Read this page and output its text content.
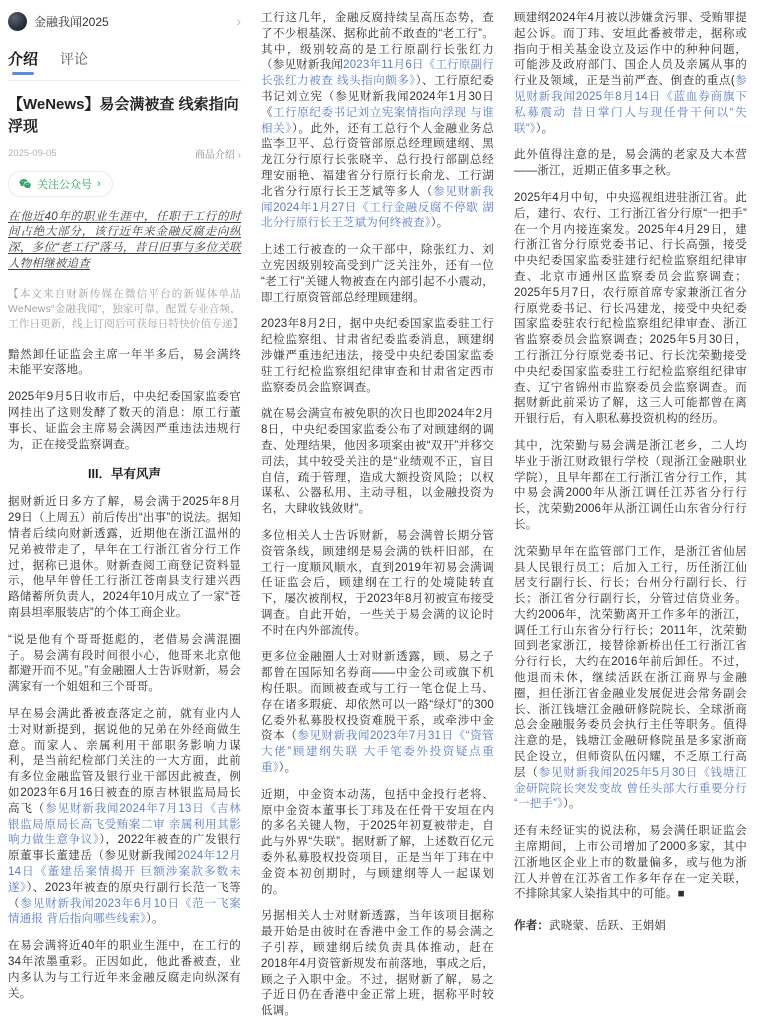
金融我闻2025	›
介绍 评论
【WeNews】易会满被查 线索指向浮现
2025-09-05	商品介绍 ›
关注公众号 ›

在他近40年的职业生涯中，任职于工行的时间占绝大部分，该行近年来金融反腐走向纵深，多位“老工行”落马，昔日旧事与多位关联人物相继被追查

【本文来自财新传媒在微信平台的新媒体单品 WeNews“金融我闻”，独家可靠，配置专业音频，工作日更新，线上订阅后可获每日特快价值专递】

黯然卸任证监会主席一年半多后，易会满终未能平安落地。

2025年9月5日收市后，中央纪委国家监委官网挂出了这则发酵了数天的消息：原工行董事长、证监会主席易会满因严重违法违规行为，正在接受监察调查。

III．早有风声

据财新近日多方了解，易会满于2025年8月29日（上周五）前后传出“出事”的说法。据知情者后续向财新透露，近期他在浙江温州的兄弟被带走了，早年在工行浙江省分行工作过，据称已退休。财新查阅工商登记资料显示，他早年曾任工行浙江苍南县支行建兴西路储蓄所负责人，2024年10月成立了一家“苍南县坦率服装店”的个体工商企业。

“说是他有个哥哥挺彪的，老借易会满混圈子。易会满有段时间很小心，他哥来北京他都避开而不见。”有金融圈人士告诉财新，易会满家有一个姐姐和三个哥哥。

早在易会满此番被查落定之前，就有业内人士对财新提到，据说他的兄弟在外经商做生意。而家人、亲属利用干部职务影响力谋利，是当前纪检部门关注的一大方面，此前有多位金融监管及银行业干部因此被查，例如2023年6月16日被查的原吉林银监局局长高飞（参见财新我闻2024年7月13日《吉林银监局原局长高飞受贿案二审 亲属利用其影响力做生意争议》），2022年被查的广发银行原董事长董建岳（参见财新我闻2024年12月14日《董建岳案情揭开 巨额涉案款多数未遂》）、2023年被查的原央行副行长范一飞等（参见财新我闻2023年6月10日《范一飞案情通报 背后指向哪些线索》）。

在易会满将近40年的职业生涯中，在工行的34年浓墨重彩。正因如此，他此番被查，业内多认为与工行近年来金融反腐走向纵深有关。

工行这几年，金融反腐持续呈高压态势，查了不少根基深、据称此前不敢查的“老工行”。其中，级别较高的是工行原副行长张红力（参见财新我闻2023年11月6日《工行原副行长张红力被查 线头指向颇多》）、工行原纪委书记刘立宪（参见财新我闻2024年1月30日《工行原纪委书记刘立宪案情指向浮现 与谁相关》）。此外，还有工总行个人金融业务总监李卫平、总行资管部原总经理顾建纲、黑龙江分行原行长张晓辛、总行投行部副总经理安丽艳、福建省分行原行长俞龙、工行湖北省分行原行长王芝斌等多人（参见财新我闻2024年1月27日《工行金融反腐不停歇 湖北分行原行长王芝斌为何终被查》）。

上述工行被查的一众干部中，除张红力、刘立宪因级别较高受到广泛关注外，还有一位“老工行”关键人物被查在内部引起不小震动，即工行原资管部总经理顾建纲。

2023年8月2日，据中央纪委国家监委驻工行纪检监察组、甘肃省纪委监委消息，顾建纲涉嫌严重违纪违法，接受中央纪委国家监委驻工行纪检监察组纪律审查和甘肃省定西市监察委员会监察调查。

就在易会满宣布被免职的次日也即2024年2月8日，中央纪委国家监委公布了对顾建纲的调查、处理结果，他因多项案由被“双开”并移交司法，其中较受关注的是“业绩观不正，盲目自信，疏于管理，造成大额投资风险；以权谋私、公器私用、主动寻租，以金融投资为名，大肆收钱敛财”。

多位相关人士告诉财新，易会满曾长期分管资管条线，顾建纲是易会满的铁杆旧部，在工行一度顺风顺水，直到2019年初易会满调任证监会后，顾建纲在工行的处境陡转直下，屡次被削权，于2023年8月初被宣布接受调查。自此开始，一些关于易会满的议论时不时在内外部流传。

更多位金融圈人士对财新透露，顾、易之子都曾在国际知名券商——中金公司或旗下机构任职。而顾被查或与工行一笔仓促上马、存在诸多瑕疵、却依然可以一路“绿灯”的300亿委外私募股权投资难脱干系，或牵涉中金资本（参见财新我闻2023年7月31日《“资管大佬”顾建纲失联 大手笔委外投资疑点重重》）。

近期，中金资本动荡，包括中金投行老将、原中金资本董事长丁玮及在任骨干安垣在内的多名关键人物，于2025年初夏被带走，自此与外界“失联”。据财新了解，上述数百亿元委外私募股权投资项目，正是当年丁玮在中金资本初创期时，与顾建纲等人一起谋划的。

另据相关人士对财新透露，当年该项目据称最开始是由彼时在香港中金工作的易会满之子引荐，顾建纲后续负责具体推动，赶在2018年4月资管新规发布前落地，事成之后，顾之子入职中金。不过，据财新了解，易之子近日仍在香港中金正常上班，据称平时较低调。

顾建纲2024年4月被以涉嫌贪污罪、受贿罪提起公诉。而丁玮、安垣此番被带走，据称或指向于相关基金设立及运作中的种种问题，可能涉及政府部门、国企人员及亲属从事的行业及领域，正是当前严查、倒查的重点(参见财新我闻2025年8月14日《蓝血券商旗下私募震动 昔日掌门人与现任骨干何以“失联”》）。

此外值得注意的是，易会满的老家及大本营——浙江，近期正值多事之秋。

2025年4月中旬，中央巡视组进驻浙江省。此后，建行、农行、工行浙江省分行原“一把手”在一个月内接连案发。2025年4月29日，建行浙江省分行原党委书记、行长高强，接受中央纪委国家监委驻建行纪检监察组纪律审查、北京市通州区监察委员会监察调查；2025年5月7日，农行原首席专家兼浙江省分行原党委书记、行长冯建龙，接受中央纪委国家监委驻农行纪检监察组纪律审查、浙江省监察委员会监察调查；2025年5月30日，工行浙江分行原党委书记、行长沈荣勤接受中央纪委国家监委驻工行纪检监察组纪律审查、辽宁省锦州市监察委员会监察调查。而据财新此前采访了解，这三人可能都曾在离开银行后，有入职私募投资机构的经历。

其中，沈荣勤与易会满是浙江老乡，二人均毕业于浙江财政银行学校（现浙江金融职业学院），且早年都在工行浙江省分行工作，其中易会满2000年从浙江调任江苏省分行行长，沈荣勤2006年从浙江调任山东省分行行长。

沈荣勤早年在监管部门工作，是浙江省仙居县人民银行员工；后加入工行，历任浙江仙居支行副行长、行长；台州分行副行长、行长；浙江省分行副行长，分管过信贷业务。大约2006年，沈荣勤离开工作多年的浙江，调任工行山东省分行行长；2011年，沈荣勤回到老家浙江，接替徐新桥出任工行浙江省分行行长，大约在2016年前后卸任。不过，他退而未休，继续活跃在浙江商界与金融圈，担任浙江省金融业发展促进会常务副会长、浙江钱塘江金融研修院院长、全球浙商总会金融服务委员会执行主任等职务。值得注意的是，钱塘江金融研修院虽是多家浙商民企设立，但师资队伍闪耀，不乏原工行高层（参见财新我闻2025年5月30日《钱塘江金研院院长突发变故 曾任头部大行重要分行“一把手”》）。

还有未经证实的说法称，易会满任职证监会主席期间，上市公司增加了2000多家，其中江浙地区企业上市的数量偏多，或与他为浙江人并曾在江苏省工作多年存在一定关联，不排除其家人染指其中的可能。■

作者：武晓蒙、岳跃、王娟娟
